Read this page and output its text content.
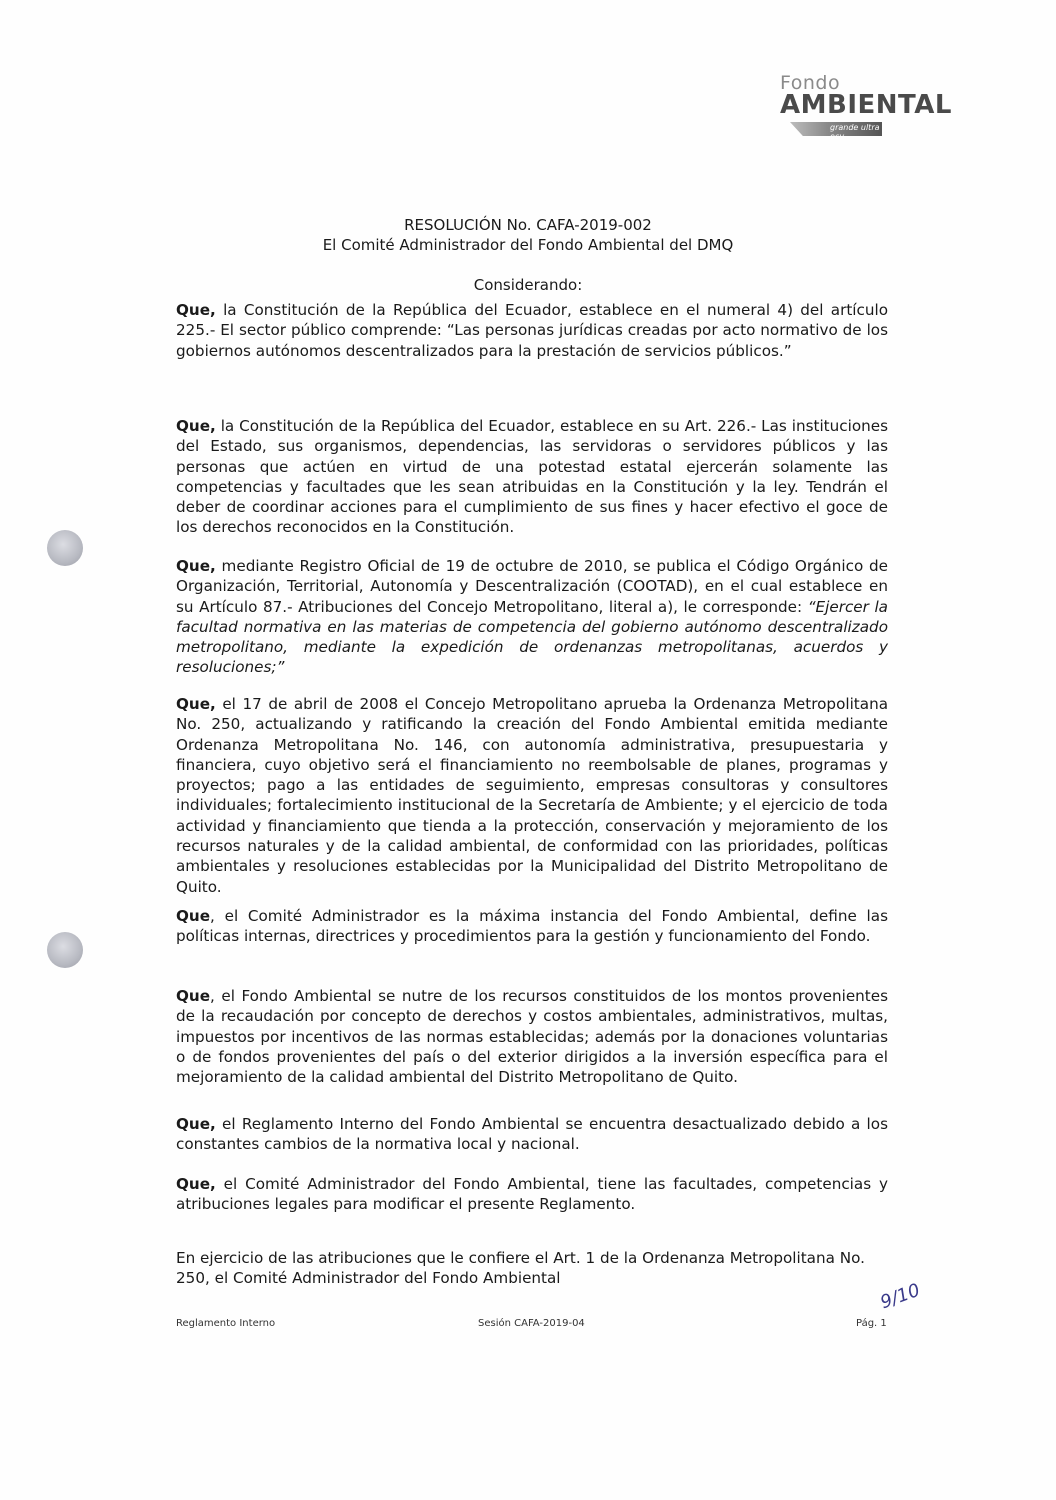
Fondo
AMBIENTAL
grande ultra ecy
RESOLUCIÓN No. CAFA-2019-002
El Comité Administrador del Fondo Ambiental del DMQ
Considerando:

Que, la Constitución de la República del Ecuador, establece en el numeral 4) del artículo 225.- El sector público comprende: “Las personas jurídicas creadas por acto normativo de los gobiernos autónomos descentralizados para la prestación de servicios públicos.”

Que, la Constitución de la República del Ecuador, establece en su Art. 226.- Las instituciones del Estado, sus organismos, dependencias, las servidoras o servidores públicos y las personas que actúen en virtud de una potestad estatal ejercerán solamente las competencias y facultades que les sean atribuidas en la Constitución y la ley. Tendrán el deber de coordinar acciones para el cumplimiento de sus fines y hacer efectivo el goce de los derechos reconocidos en la Constitución.

Que, mediante Registro Oficial de 19 de octubre de 2010, se publica el Código Orgánico de Organización, Territorial, Autonomía y Descentralización (COOTAD), en el cual establece en su Artículo 87.- Atribuciones del Concejo Metropolitano, literal a), le corresponde: “Ejercer la facultad normativa en las materias de competencia del gobierno autónomo descentralizado metropolitano, mediante la expedición de ordenanzas metropolitanas, acuerdos y resoluciones;”

Que, el 17 de abril de 2008 el Concejo Metropolitano aprueba la Ordenanza Metropolitana No. 250, actualizando y ratificando la creación del Fondo Ambiental emitida mediante Ordenanza Metropolitana No. 146, con autonomía administrativa, presupuestaria y financiera, cuyo objetivo será el financiamiento no reembolsable de planes, programas y proyectos; pago a las entidades de seguimiento, empresas consultoras y consultores individuales; fortalecimiento institucional de la Secretaría de Ambiente; y el ejercicio de toda actividad y financiamiento que tienda a la protección, conservación y mejoramiento de los recursos naturales y de la calidad ambiental, de conformidad con las prioridades, políticas ambientales y resoluciones establecidas por la Municipalidad del Distrito Metropolitano de Quito.

Que, el Comité Administrador es la máxima instancia del Fondo Ambiental, define las políticas internas, directrices y procedimientos para la gestión y funcionamiento del Fondo.

Que, el Fondo Ambiental se nutre de los recursos constituidos de los montos provenientes de la recaudación por concepto de derechos y costos ambientales, administrativos, multas, impuestos por incentivos de las normas establecidas; además por la donaciones voluntarias o de fondos provenientes del país o del exterior dirigidos a la inversión específica para el mejoramiento de la calidad ambiental del Distrito Metropolitano de Quito.

Que, el Reglamento Interno del Fondo Ambiental se encuentra desactualizado debido a los constantes cambios de la normativa local y nacional.

Que, el Comité Administrador del Fondo Ambiental, tiene las facultades, competencias y atribuciones legales para modificar el presente Reglamento.

En ejercicio de las atribuciones que le confiere el Art. 1 de la Ordenanza Metropolitana No. 250, el Comité Administrador del Fondo Ambiental

9/10
Reglamento Interno	Sesión CAFA-2019-04	Pág. 1
